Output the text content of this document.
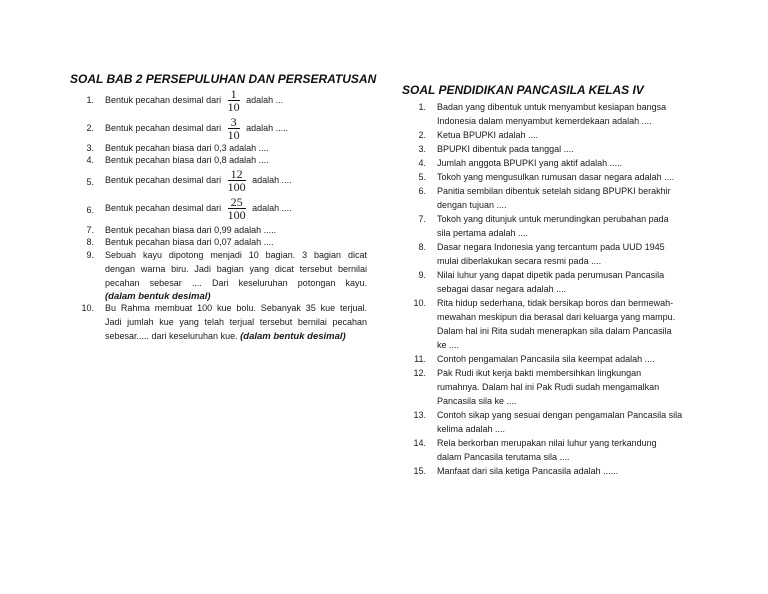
SOAL BAB 2 PERSEPULUHAN DAN PERSERATUSAN
1. Bentuk pecahan desimal dari $\frac{1}{10}$ adalah ...
2. Bentuk pecahan desimal dari $\frac{3}{10}$ adalah .....
3. Bentuk pecahan biasa dari 0,3 adalah ....
4. Bentuk pecahan biasa dari 0,8 adalah ....
5. Bentuk pecahan desimal dari $\frac{12}{100}$ adalah ....
6. Bentuk pecahan desimal dari $\frac{25}{100}$ adalah ....
7. Bentuk pecahan biasa dari 0,99 adalah .....
8. Bentuk pecahan biasa dari 0,07 adalah ....
9. Sebuah kayu dipotong menjadi 10 bagian. 3 bagian dicat
dengan warna biru. Jadi bagian yang dicat tersebut bernilai
pecahan sebesar .... Dari keseluruhan potongan kayu.
(dalam bentuk desimal)
10. Bu Rahma membuat 100 kue bolu. Sebanyak 35 kue terjual.
Jadi jumlah kue yang telah terjual tersebut bernilai pecahan
sebesar..... dari keseluruhan kue. (dalam bentuk desimal)
SOAL PENDIDIKAN PANCASILA KELAS IV
1. Badan yang dibentuk untuk menyambut kesiapan bangsa
Indonesia dalam menyambut kemerdekaan adalah ....
2. Ketua BPUPKI adalah ....
3. BPUPKI dibentuk pada tanggal ....
4. Jumlah anggota BPUPKI yang aktif adalah .....
5. Tokoh yang mengusulkan rumusan dasar negara adalah ....
6. Panitia sembilan dibentuk setelah sidang BPUPKI berakhir
dengan tujuan ....
7. Tokoh yang ditunjuk untuk merundingkan perubahan pada
sila pertama adalah ....
8. Dasar negara Indonesia yang tercantum pada UUD 1945
mulai diberlakukan secara resmi pada ....
9. Nilai luhur yang dapat dipetik pada perumusan Pancasila
sebagai dasar negara adalah ....
10. Rita hidup sederhana, tidak bersikap boros dan bermewah-
mewahan meskipun dia berasal dari keluarga yang mampu.
Dalam hal ini Rita sudah menerapkan sila dalam Pancasila
ke ....
11. Contoh pengamalan Pancasila sila keempat adalah ....
12. Pak Rudi ikut kerja bakti membersihkan lingkungan
rumahnya. Dalam hal ini Pak Rudi sudah mengamalkan
Pancasila sila ke ....
13. Contoh sikap yang sesuai dengan pengamalan Pancasila sila
kelima adalah ....
14. Rela berkorban merupakan nilai luhur yang terkandung
dalam Pancasila terutama sila ....
15. Manfaat dari sila ketiga Pancasila adalah ......
